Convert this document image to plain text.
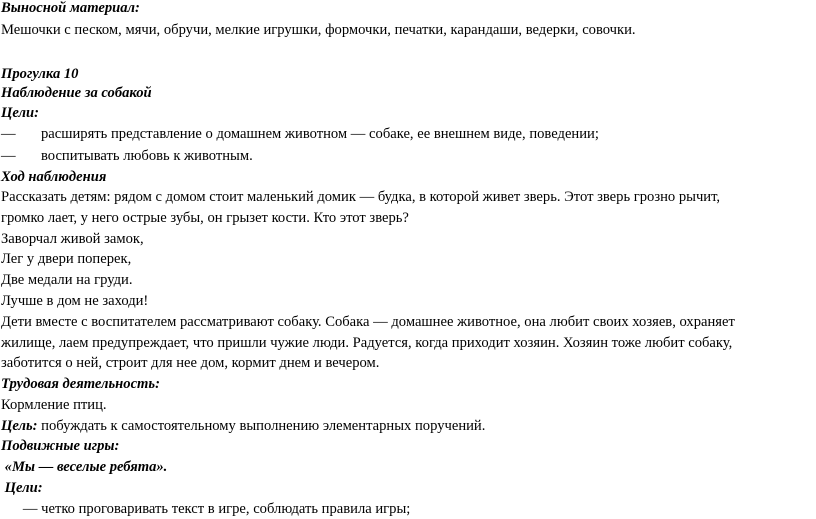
Выносной материал:
Мешочки с песком, мячи, обручи, мелкие игрушки, формочки, печатки, карандаши, ведерки, совочки.
Прогулка 10
Наблюдение за собакой
Цели:
— расширять представление о домашнем животном — собаке, ее внешнем виде, поведении;
— воспитывать любовь к животным.
Ход наблюдения
Рассказать детям: рядом с домом стоит маленький домик — будка, в которой живет зверь. Этот зверь грозно рычит,
громко лает, у него острые зубы, он грызет кости. Кто этот зверь?
Заворчал живой замок,
Лег у двери поперек,
Две медали на груди.
Лучше в дом не заходи!
Дети вместе с воспитателем рассматривают собаку. Собака — домашнее животное, она любит своих хозяев, охраняет
жилище, лаем предупреждает, что пришли чужие люди. Радуется, когда приходит хозяин. Хозяин тоже любит собаку,
заботится о ней, строит для нее дом, кормит днем и вечером.
Трудовая деятельность:
Кормление птиц.
Цель: побуждать к самостоятельному выполнению элементарных поручений.
Подвижные игры:
«Мы — веселые ребята».
Цели:
— четко проговаривать текст в игре, соблюдать правила игры;
